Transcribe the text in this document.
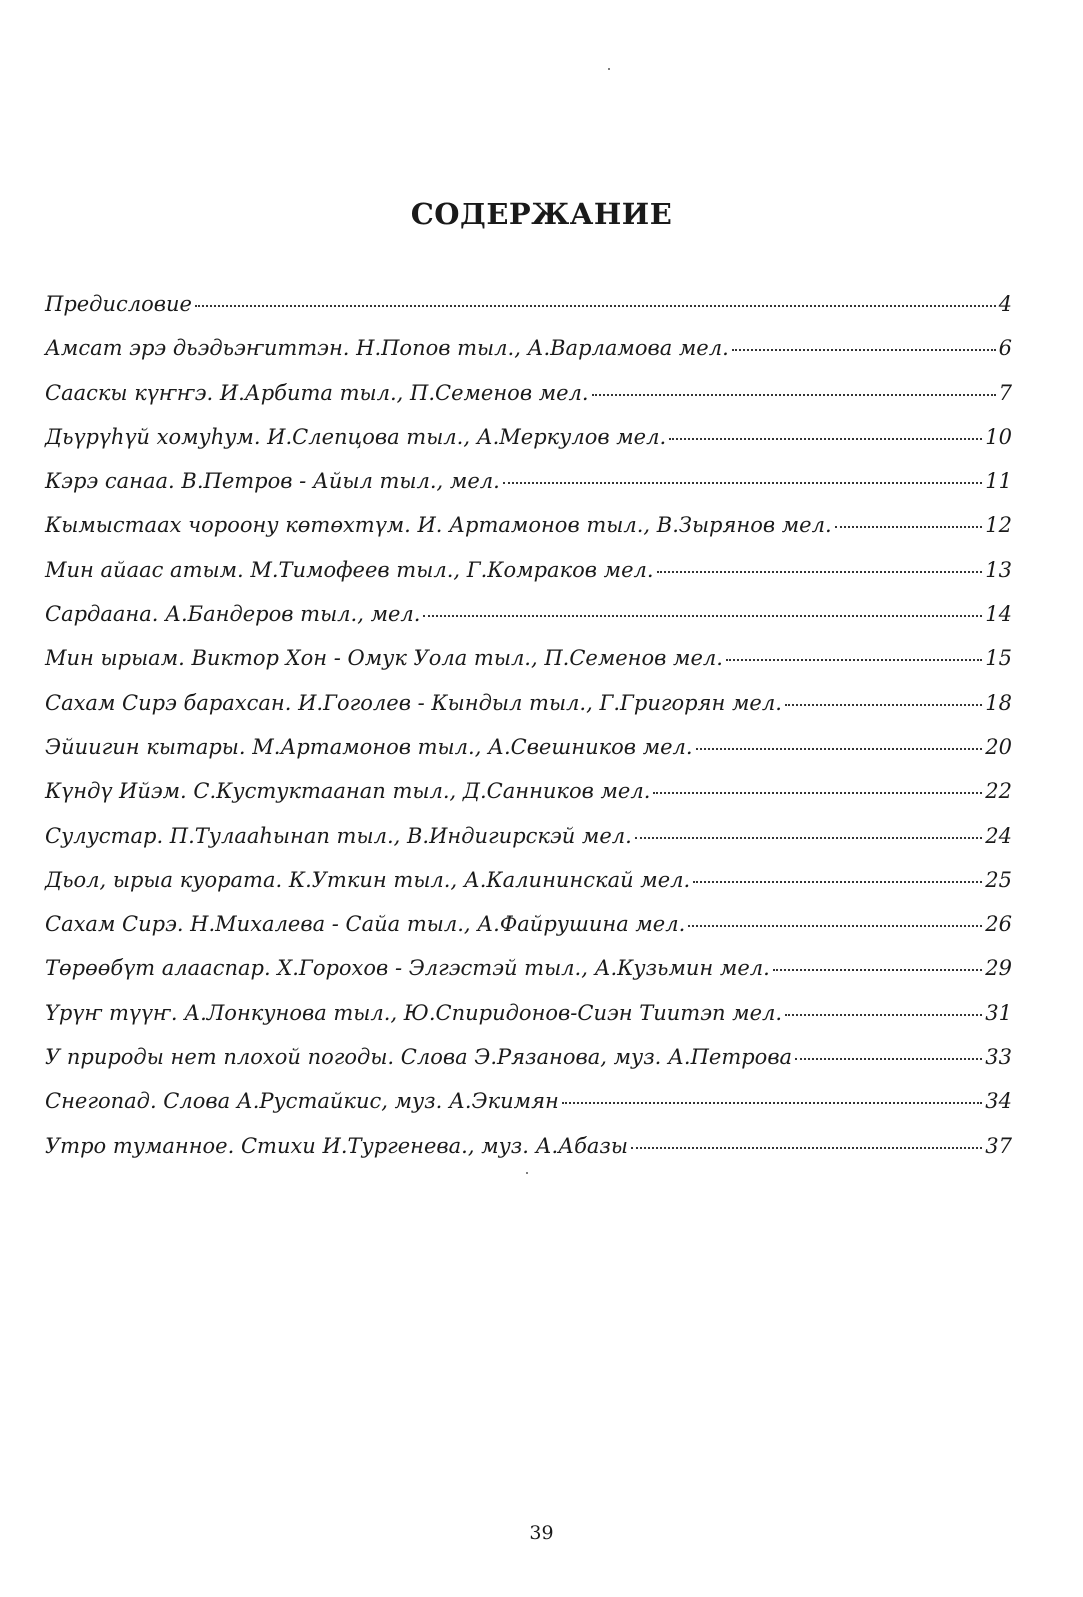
СОДЕРЖАНИЕ
Предисловие	4
Амсат эрэ дьэдьэҥиттэн. Н.Попов тыл., А.Варламова мел.	6
Сааскы күҥҥэ. И.Арбита тыл., П.Семенов мел.	7
Дьүрүһүй хомуһум. И.Слепцова тыл., А.Меркулов мел.	10
Кэрэ санаа. В.Петров - Айыл тыл., мел.	11
Кымыстаах чороону көтөхтүм. И. Артамонов тыл., В.Зырянов мел.	12
Мин айаас атым. М.Тимофеев тыл., Г.Комраков мел.	13
Сардаана. А.Бандеров тыл., мел.	14
Мин ырыам. Виктор Хон - Омук Уола тыл., П.Семенов мел.	15
Сахам Сирэ барахсан. И.Гоголев - Кындыл тыл., Г.Григорян мел.	18
Эйиигин кытары. М.Артамонов тыл., А.Свешников мел.	20
Күндү Ийэм. С.Кустуктаанап тыл., Д.Санников мел.	22
Сулустар. П.Тулааһынап тыл., В.Индигирскэй мел.	24
Дьол, ырыа куората. К.Уткин тыл., А.Калининскай мел.	25
Сахам Сирэ. Н.Михалева - Сайа тыл., А.Файрушина мел.	26
Төрөөбүт алаaспар. Х.Горохов - Элгэстэй тыл., А.Кузьмин мел.	29
Үрүҥ түүҥ. А.Лонкунова тыл., Ю.Спиридонов-Сиэн Тиитэп мел.	31
У природы нет плохой погоды. Слова Э.Рязанова, муз. А.Петрова	33
Снегопад. Слова А.Рустайкис, муз. А.Экимян	34
Утро туманное. Стихи И.Тургенева., муз. А.Абазы	37
39
